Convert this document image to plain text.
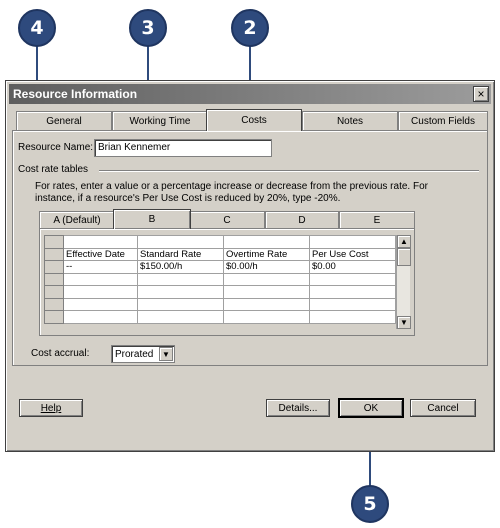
4	3	2
Resource Information	×
General	Working Time	Costs	Notes	Custom Fields
Resource Name: Brian Kennemer
Cost rate tables
For rates, enter a value or a percentage increase or decrease from the previous rate. For
instance, if a resource's Per Use Cost is reduced by 20%, type -20%.
A (Default)	B	C	D	E

	Effective Date	Standard Rate	Overtime Rate	Per Use Cost
	--	$150.00/h	$0.00/h	$0.00

▲
▼
Cost accrual:	Prorated	▼
Help	Details...	OK	Cancel
5
